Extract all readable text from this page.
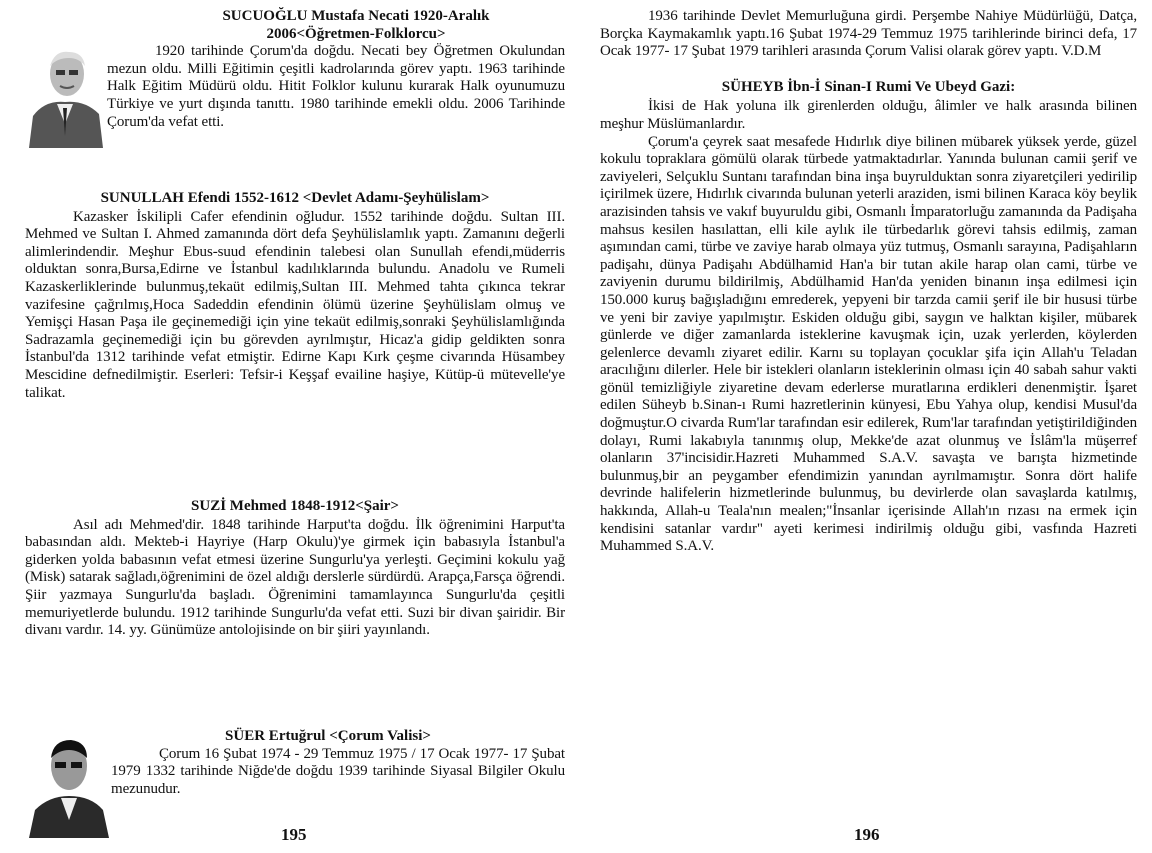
SUCUOĞLU Mustafa Necati 1920-Aralık
2006<Öğretmen-Folklorcu>

1920 tarihinde Çorum'da doğdu. Necati bey Öğretmen Okulundan mezun oldu. Milli Eğitimin çeşitli kadrolarında görev yaptı. 1963 tarihinde Halk Eğitim Müdürü oldu. Hitit Folklor kulunu kurarak Halk oyunumuzu Türkiye ve yurt dışında tanıttı. 1980 tarihinde emekli oldu. 2006 Tarihinde Çorum'da vefat etti.

SUNULLAH Efendi 1552-1612 <Devlet Adamı-Şeyhülislam>

Kazasker İskilipli Cafer efendinin oğludur. 1552 tarihinde doğdu. Sultan III. Mehmed ve Sultan I. Ahmed zamanında dört defa Şeyhülislamlık yaptı. Zamanını değerli alimlerindendir. Meşhur Ebus-suud efendinin talebesi olan Sunullah efendi,müderris olduktan sonra,Bursa,Edirne ve İstanbul kadılıklarında bulundu. Anadolu ve Rumeli Kazaskerliklerinde bulunmuş,tekaüt edilmiş,Sultan III. Mehmed tahta çıkınca tekrar vazifesine çağrılmış,Hoca Sadeddin efendinin ölümü üzerine Şeyhülislam olmuş ve Yemişçi Hasan Paşa ile geçinemediği için yine tekaüt edilmiş,sonraki Şeyhülislamlığında Sadrazamla geçinemediği için bu görevden ayrılmıştır, Hicaz'a gidip geldikten sonra İstanbul'da 1312 tarihinde vefat etmiştir. Edirne Kapı Kırk çeşme civarında Hüsambey Mescidine defnedilmiştir. Eserleri: Tefsir-i Keşşaf evailine haşiye, Kütüp-ü mütevelle'ye talikat.

SUZİ Mehmed 1848-1912<Şair>

Asıl adı Mehmed'dir. 1848 tarihinde Harput'ta doğdu. İlk öğrenimini Harput'ta babasından aldı. Mekteb-i Hayriye (Harp Okulu)'ye girmek için babasıyla İstanbul'a giderken yolda babasının vefat etmesi üzerine Sungurlu'ya yerleşti. Geçimini kokulu yağ (Misk) satarak sağladı,öğrenimini de özel aldığı derslerle sürdürdü. Arapça,Farsça öğrendi. Şiir yazmaya Sungurlu'da başladı. Öğrenimini tamamlayınca Sungurlu'da çeşitli memuriyetlerde bulundu. 1912 tarihinde Sungurlu'da vefat etti. Suzi bir divan şairidir. Bir divanı vardır. 14. yy. Günümüze antolojisinde on bir şiiri yayınlandı.

SÜER Ertuğrul <Çorum Valisi>

Çorum 16 Şubat 1974 - 29 Temmuz 1975 / 17 Ocak 1977- 17 Şubat 1979 1332 tarihinde Niğde'de doğdu 1939 tarihinde Siyasal Bilgiler Okulu mezunudur.

195

1936 tarihinde Devlet Memurluğuna girdi. Perşembe Nahiye Müdürlüğü, Datça, Borçka Kaymakamlık yaptı.16 Şubat 1974-29 Temmuz 1975 tarihlerinde birinci defa, 17 Ocak 1977- 17 Şubat 1979 tarihleri arasında Çorum Valisi olarak görev yaptı. V.D.M

SÜHEYB İbn-İ Sinan-I Rumi Ve Ubeyd Gazi:

İkisi de Hak yoluna ilk girenlerden olduğu, âlimler ve halk arasında bilinen meşhur Müslümanlardır.

Çorum'a çeyrek saat mesafede Hıdırlık diye bilinen mübarek yüksek yerde, güzel kokulu topraklara gömülü olarak türbede yatmaktadırlar. Yanında bulunan camii şerif ve zaviyeleri, Selçuklu Suntanı tarafından bina inşa buyrulduktan sonra ziyaretçileri yedirilip içirilmek üzere, Hıdırlık civarında bulunan yeterli araziden, ismi bilinen Karaca köy beylik arazisinden tahsis ve vakıf buyuruldu gibi, Osmanlı İmparatorluğu zamanında da Padişaha mahsus kesilen hasılattan, elli kile aylık ile türbedarlık görevi tahsis edilmiş, zaman aşımından cami, türbe ve zaviye harab olmaya yüz tutmuş, Osmanlı sarayına, Padişahların padişahı, dünya Padişahı Abdülhamid Han'a bir tutan akile harap olan cami, türbe ve zaviyenin durumu bildirilmiş, Abdülhamid Han'da yeniden binanın inşa edilmesi için 150.000 kuruş bağışladığını emrederek, yepyeni bir tarzda camii şerif ile bir hususi türbe ve yeni bir zaviye yapılmıştır. Eskiden olduğu gibi, saygın ve halktan kişiler, mübarek günlerde ve diğer zamanlarda isteklerine kavuşmak için, uzak yerlerden, köylerden gelenlerce devamlı ziyaret edilir. Karnı su toplayan çocuklar şifa için Allah'u Teladan aracılığını dilerler. Hele bir istekleri olanların isteklerinin olması için 40 sabah sahur vakti gönül temizliğiyle ziyaretine devam ederlerse muratlarına erdikleri denenmiştir. İşaret edilen Süheyb b.Sinan-ı Rumi hazretlerinin künyesi, Ebu Yahya olup, kendisi Musul'da doğmuştur.O civarda Rum'lar tarafından esir edilerek, Rum'lar tarafından yetiştirildiğinden dolayı, Rumi lakabıyla tanınmış olup, Mekke'de azat olunmuş ve İslâm'la müşerref olanların 37'incisidir.Hazreti Muhammed S.A.V. savaşta ve barışta hizmetinde bulunmuş,bir an peygamber efendimizin yanından ayrılmamıştır. Sonra dört halife devrinde halifelerin hizmetlerinde bulunmuş, bu devirlerde olan savaşlarda katılmış, hakkında, Allah-u Teala'nın mealen;"İnsanlar içerisinde Allah'ın rızası na ermek için kendisini satanlar vardır" ayeti kerimesi indirilmiş olduğu gibi, vasfında Hazreti Muhammed S.A.V.

196
